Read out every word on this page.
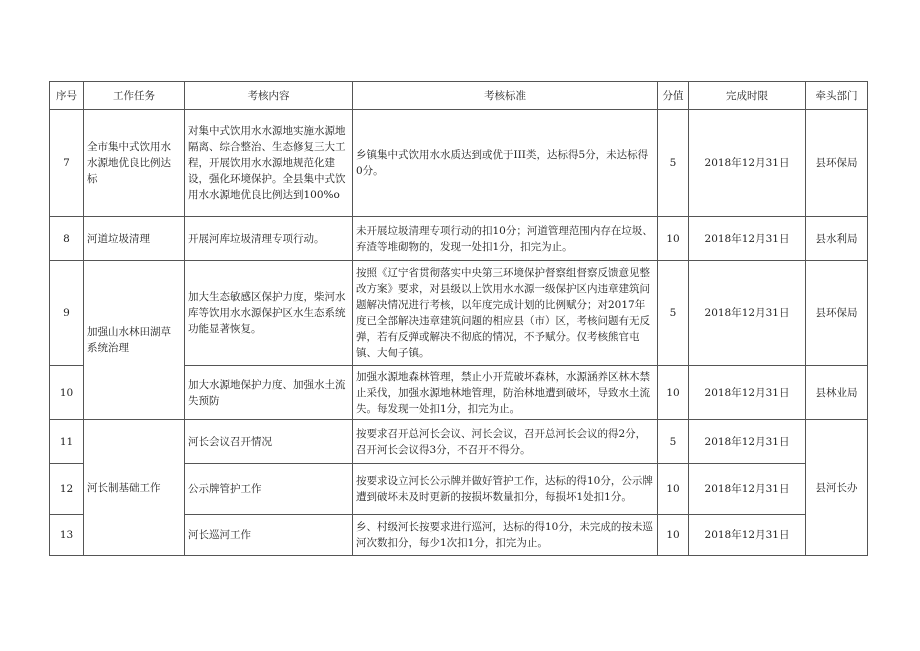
序号	工作任务	考核内容	考核标准	分值	完成时限	牵头部门
7	全市集中式饮用水水源地优良比例达标	对集中式饮用水水源地实施水源地隔离、综合整治、生态修复三大工程，开展饮用水水源地规范化建设，强化环境保护。全县集中式饮用水水源地优良比例达到100%o	乡镇集中式饮用水水质达到或优于III类，达标得5分，未达标得0分。	5	2018年12月31日	县环保局
8	河道垃圾清理	开展河库垃圾清理专项行动。	未开展垃圾清理专项行动的扣10分；河道管理范围内存在垃圾、弃渣等堆砌物的，发现一处扣1分，扣完为止。	10	2018年12月31日	县水利局
9	加强山水林田湖草系统治理	加大生态敏感区保护力度，柴河水库等饮用水水源保护区水生态系统功能显著恢复。	按照《辽宁省贯彻落实中央第三环境保护督察组督察反馈意见整改方案》要求，对县级以上饮用水水源一级保护区内违章建筑问题解决情况进行考核，以年度完成计划的比例赋分；对2017年度已全部解决违章建筑问题的相应县（市）区，考核问题有无反弹，若有反弹或解决不彻底的情况，不予赋分。仅考核熊官屯镇、大甸子镇。	5	2018年12月31日	县环保局
10		加大水源地保护力度、加强水土流失预防	加强水源地森林管理，禁止小开荒破坏森林，水源涵养区林木禁止采伐，加强水源地林地管理，防治林地遭到破坏，导致水土流失。每发现一处扣1分，扣完为止。	10	2018年12月31日	县林业局
11	河长制基础工作	河长会议召开情况	按要求召开总河长会议、河长会议，召开总河长会议的得2分，召开河长会议得3分，不召开不得分。	5	2018年12月31日	县河长办
12		公示牌管护工作	按要求设立河长公示牌并做好管护工作，达标的得10分，公示牌遭到破坏未及时更新的按损坏数量扣分，每损坏1处扣1分。	10	2018年12月31日	
13		河长巡河工作	乡、村级河长按要求进行巡河，达标的得10分，未完成的按未巡河次数扣分，每少1次扣1分，扣完为止。	10	2018年12月31日	
